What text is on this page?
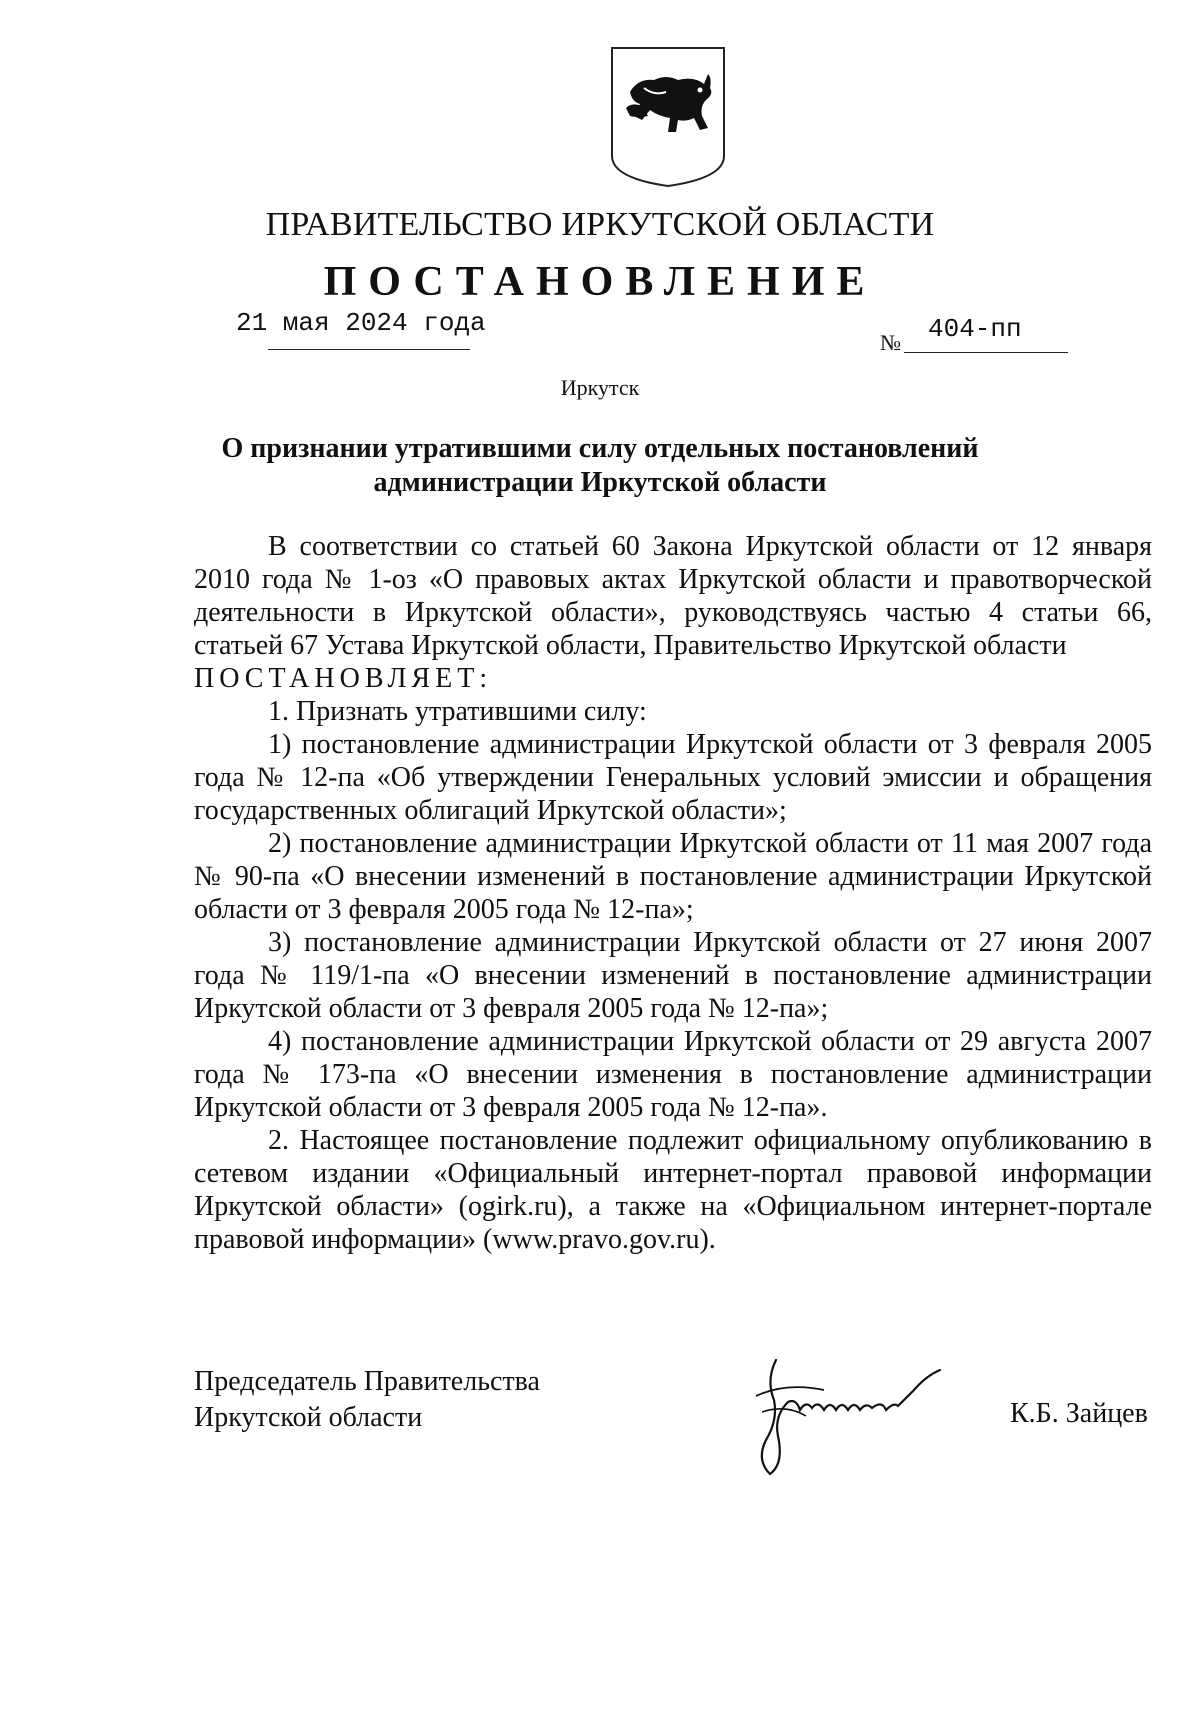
ПРАВИТЕЛЬСТВО ИРКУТСКОЙ ОБЛАСТИ
ПОСТАНОВЛЕНИЕ
21 мая 2024 года
№ 404-пп
Иркутск
О признании утратившими силу отдельных постановлений
администрации Иркутской области

В соответствии со статьей 60 Закона Иркутской области от 12 января 2010 года № 1-оз «О правовых актах Иркутской области и правотворческой деятельности в Иркутской области», руководствуясь частью 4 статьи 66, статьей 67 Устава Иркутской области, Правительство Иркутской области

ПОСТАНОВЛЯЕТ:

1. Признать утратившими силу:

1) постановление администрации Иркутской области от 3 февраля 2005 года № 12-па «Об утверждении Генеральных условий эмиссии и обращения государственных облигаций Иркутской области»;

2) постановление администрации Иркутской области от 11 мая 2007 года № 90-па «О внесении изменений в постановление администрации Иркутской области от 3 февраля 2005 года № 12-па»;

3) постановление администрации Иркутской области от 27 июня 2007 года № 119/1-па «О внесении изменений в постановление администрации Иркутской области от 3 февраля 2005 года № 12-па»;

4) постановление администрации Иркутской области от 29 августа 2007 года № 173-па «О внесении изменения в постановление администрации Иркутской области от 3 февраля 2005 года № 12-па».

2. Настоящее постановление подлежит официальному опубликованию в сетевом издании «Официальный интернет-портал правовой информации Иркутской области» (ogirk.ru), а также на «Официальном интернет-портале правовой информации» (www.pravo.gov.ru).

Председатель Правительства
Иркутской области	К.Б. Зайцев
